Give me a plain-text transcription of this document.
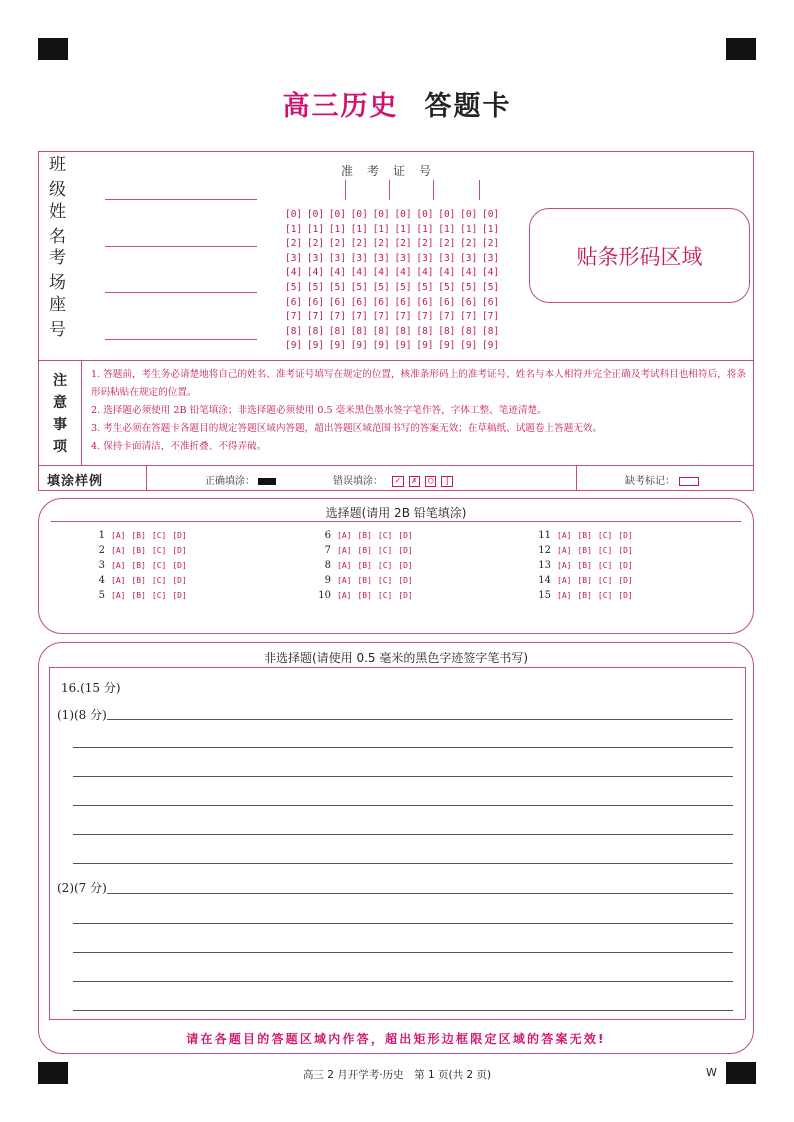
高三历史 答题卡
班级
姓名
考场
座号
准考证号
[0] [0] [0] [0] [0] [0] [0] [0] [0] [0]
[1] [1] [1] [1] [1] [1] [1] [1] [1] [1]
[2] [2] [2] [2] [2] [2] [2] [2] [2] [2]
[3] [3] [3] [3] [3] [3] [3] [3] [3] [3]
[4] [4] [4] [4] [4] [4] [4] [4] [4] [4]
[5] [5] [5] [5] [5] [5] [5] [5] [5] [5]
[6] [6] [6] [6] [6] [6] [6] [6] [6] [6]
[7] [7] [7] [7] [7] [7] [7] [7] [7] [7]
[8] [8] [8] [8] [8] [8] [8] [8] [8] [8]
[9] [9] [9] [9] [9] [9] [9] [9] [9] [9]
贴条形码区域
注意事项
1. 答题前，考生务必请楚地将自己的姓名、准考证号填写在规定的位置，核准条形码上的准考证号、姓名与本人相符并完全正确及考试科目也相符后，将条形码粘贴在规定的位置。
2. 选择题必须使用 2B 铅笔填涂；非选择题必须使用 0.5 毫米黑色墨水签字笔作答，字体工整、笔迹清楚。
3. 考生必须在答题卡各题目的规定答题区域内答题，超出答题区域范围书写的答案无效；在草稿纸、试题卷上答题无效。
4. 保持卡面清洁，不准折叠、不得弄破。
填涂样例	正确填涂：	错误填涂：	✓	✗	◯	|	缺考标记：
选择题(请用 2B 铅笔填涂)
1 [A] [B] [C] [D]
2 [A] [B] [C] [D]
3 [A] [B] [C] [D]
4 [A] [B] [C] [D]
5 [A] [B] [C] [D]
6 [A] [B] [C] [D]
7 [A] [B] [C] [D]
8 [A] [B] [C] [D]
9 [A] [B] [C] [D]
10 [A] [B] [C] [D]
11 [A] [B] [C] [D]
12 [A] [B] [C] [D]
13 [A] [B] [C] [D]
14 [A] [B] [C] [D]
15 [A] [B] [C] [D]
非选择题(请使用 0.5 毫米的黑色字迹签字笔书写)
16.(15 分)
(1)(8 分)
(2)(7 分)
请在各题目的答题区域内作答，超出矩形边框限定区域的答案无效!
高三 2 月开学考·历史　第 1 页(共 2 页)	W
